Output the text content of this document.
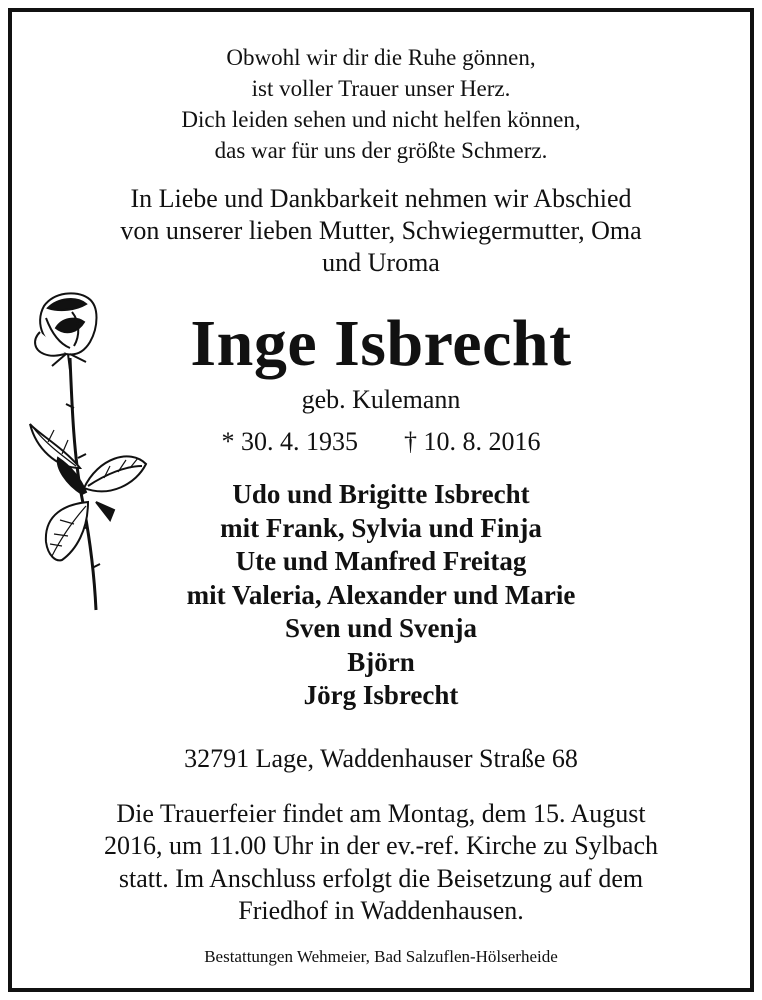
Obwohl wir dir die Ruhe gönnen,
ist voller Trauer unser Herz.
Dich leiden sehen und nicht helfen können,
das war für uns der größte Schmerz.
In Liebe und Dankbarkeit nehmen wir Abschied
von unserer lieben Mutter, Schwiegermutter, Oma
und Uroma
Inge Isbrecht
geb. Kulemann
* 30. 4. 1935 † 10. 8. 2016
Udo und Brigitte Isbrecht
mit Frank, Sylvia und Finja
Ute und Manfred Freitag
mit Valeria, Alexander und Marie
Sven und Svenja
Björn
Jörg Isbrecht
32791 Lage, Waddenhauser Straße 68
Die Trauerfeier findet am Montag, dem 15. August
2016, um 11.00 Uhr in der ev.-ref. Kirche zu Sylbach
statt. Im Anschluss erfolgt die Beisetzung auf dem
Friedhof in Waddenhausen.
Bestattungen Wehmeier, Bad Salzuflen-Hölserheide
